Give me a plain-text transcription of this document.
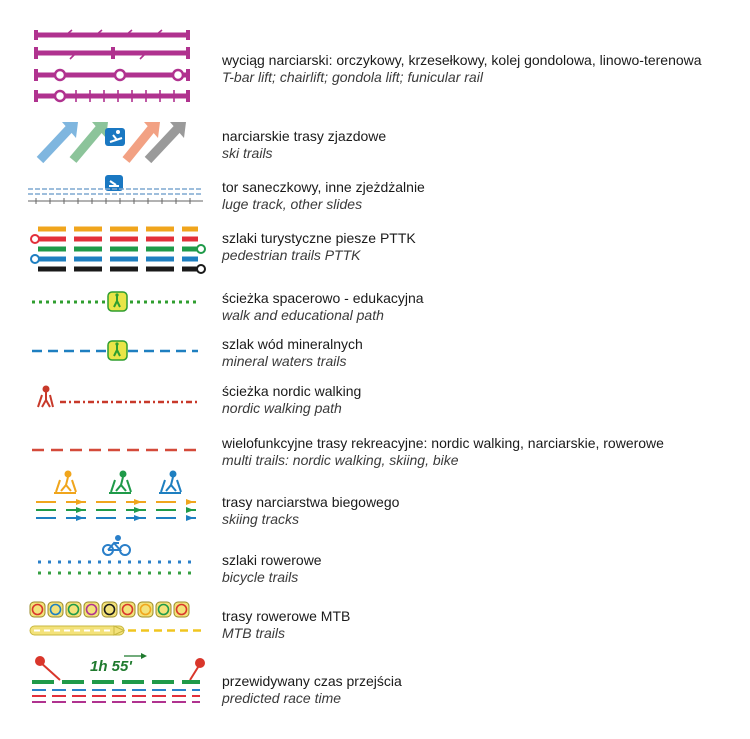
wyciąg narciarski: orczykowy, krzesełkowy, kolej gondolowa, linowo-terenowa
T-bar lift; chairlift; gondola lift; funicular rail
narciarskie trasy zjazdowe
ski trails
tor saneczkowy, inne zjeżdżalnie
luge track, other slides
szlaki turystyczne piesze PTTK
pedestrian trails PTTK
ścieżka spacerowo - edukacyjna
walk and educational path
szlak wód mineralnych
mineral waters trails
ścieżka nordic walking
nordic walking path
wielofunkcyjne trasy rekreacyjne: nordic walking, narciarskie, rowerowe
multi trails: nordic walking, skiing, bike
trasy narciarstwa biegowego
skiing tracks
szlaki rowerowe
bicycle trails
trasy rowerowe MTB
MTB trails
1h 55'
przewidywany czas przejścia
predicted race time
